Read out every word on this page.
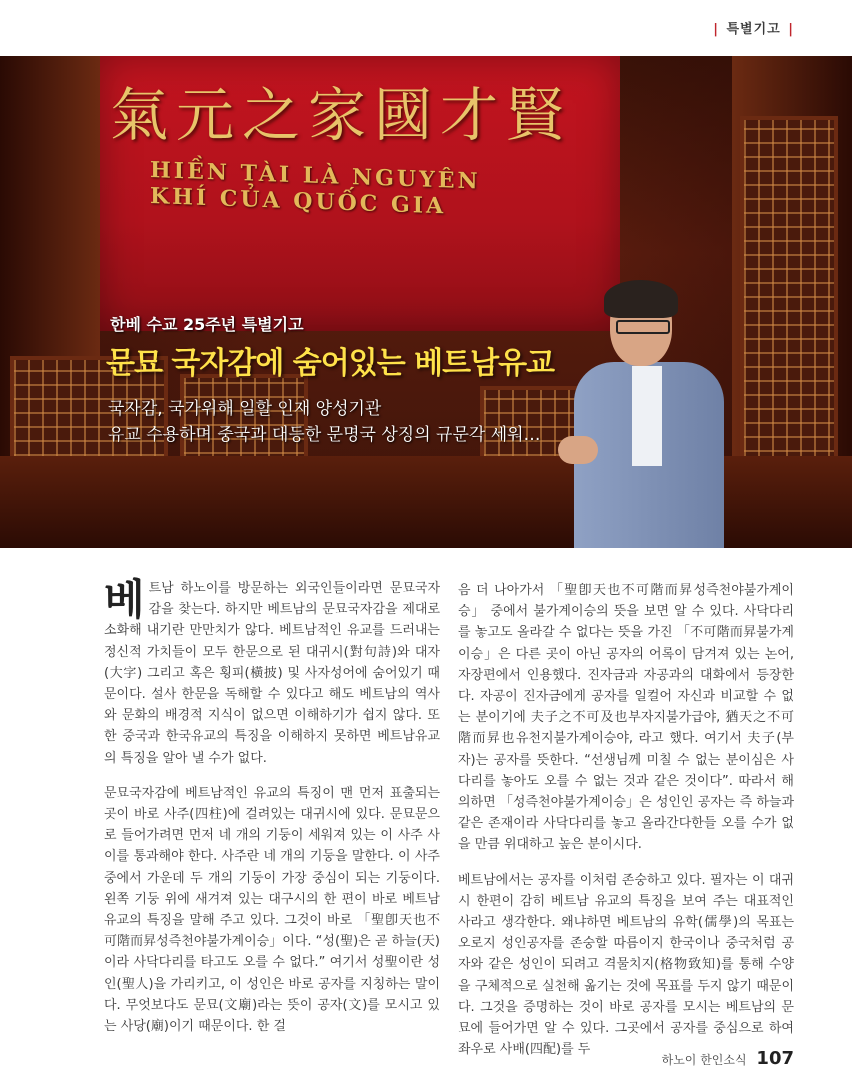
| 특별기고 |
氣元之家國才賢
HIỀN TÀI LÀ NGUYÊN KHÍ CỦA QUỐC GIA
한베 수교 25주년 특별기고
문묘 국자감에 숨어있는 베트남유교
국자감, 국가위해 일할 인재 양성기관
유교 수용하며 중국과 대등한 문명국 상징의 규문각 세워…

베 트남 하노이를 방문하는 외국인들이라면 문묘국자감을 찾는다. 하지만 베트남의 문묘국자감을 제대로 소화해 내기란 만만치가 않다. 베트남적인 유교를 드러내는 정신적 가치들이 모두 한문으로 된 대귀시(對句詩)와 대자(大字) 그리고 혹은 횡피(橫披) 및 사자성어에 숨어있기 때문이다. 설사 한문을 독해할 수 있다고 해도 베트남의 역사와 문화의 배경적 지식이 없으면 이해하기가 쉽지 않다. 또한 중국과 한국유교의 특징을 이해하지 못하면 베트남유교의 특징을 알아 낼 수가 없다.

문묘국자감에 베트남적인 유교의 특징이 맨 먼저 표출되는 곳이 바로 사주(四柱)에 걸려있는 대귀시에 있다. 문묘문으로 들어가려면 먼저 네 개의 기둥이 세워져 있는 이 사주 사이를 통과해야 한다. 사주란 네 개의 기둥을 말한다. 이 사주 중에서 가운데 두 개의 기둥이 가장 중심이 되는 기둥이다. 왼쪽 기둥 위에 새겨져 있는 대구시의 한 편이 바로 베트남유교의 특징을 말해 주고 있다. 그것이 바로 「聖卽天也不可階而昇성즉천야불가계이승」이다. “성(聖)은 곧 하늘(天)이라 사닥다리를 타고도 오를 수 없다.” 여기서 성聖이란 성인(聖人)을 가리키고, 이 성인은 바로 공자를 지칭하는 말이다. 무엇보다도 문묘(文廟)라는 뜻이 공자(文)를 모시고 있는 사당(廟)이기 때문이다. 한 걸

음 더 나아가서 「聖卽天也不可階而昇성즉천야불가계이승」 중에서 불가계이승의 뜻을 보면 알 수 있다. 사닥다리를 놓고도 올라갈 수 없다는 뜻을 가진 「不可階而昇불가계이승」은 다른 곳이 아닌 공자의 어록이 담겨져 있는 논어, 자장편에서 인용했다. 진자금과 자공과의 대화에서 등장한다. 자공이 진자금에게 공자를 일컬어 자신과 비교할 수 없는 분이기에 夫子之不可及也부자지불가급야, 猶天之不可階而昇也유천지불가계이승야, 라고 했다. 여기서 夫子(부자)는 공자를 뜻한다. “선생님께 미칠 수 없는 분이심은 사다리를 놓아도 오를 수 없는 것과 같은 것이다”. 따라서 해의하면 「성즉천야불가계이승」은 성인인 공자는 즉 하늘과 같은 존재이라 사닥다리를 놓고 올라간다한들 오를 수가 없을 만큼 위대하고 높은 분이시다.

베트남에서는 공자를 이처럼 존숭하고 있다. 필자는 이 대귀시 한편이 감히 베트남 유교의 특징을 보여 주는 대표적인 사라고 생각한다. 왜냐하면 베트남의 유학(儒學)의 목표는 오로지 성인공자를 존숭할 따름이지 한국이나 중국처럼 공자와 같은 성인이 되려고 격물치지(格物致知)를 통해 수양을 구체적으로 실천해 옮기는 것에 목표를 두지 않기 때문이다. 그것을 증명하는 것이 바로 공자를 모시는 베트남의 문묘에 들어가면 알 수 있다. 그곳에서 공자를 중심으로 하여 좌우로 사배(四配)를 두

하노이 한인소식 107
